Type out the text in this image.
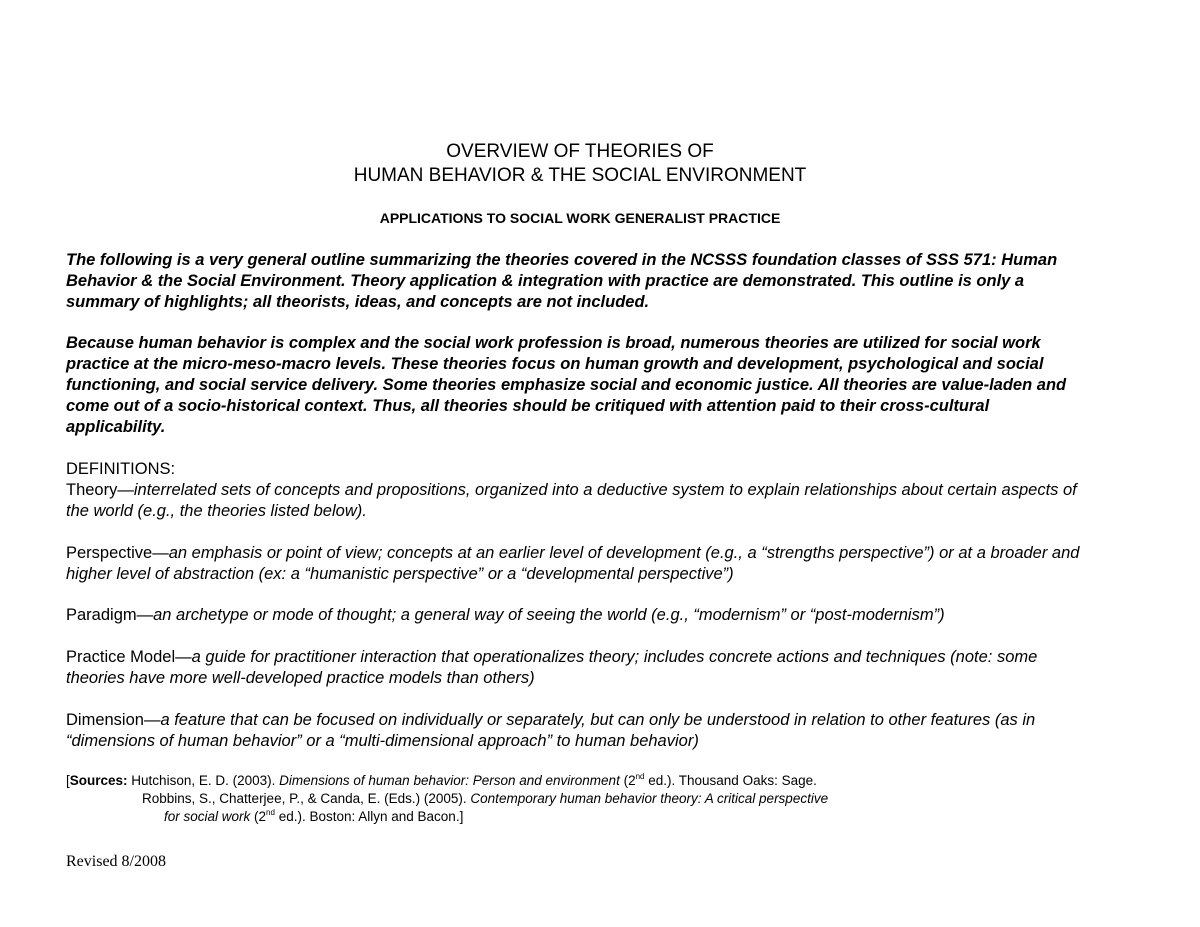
OVERVIEW OF THEORIES OF
HUMAN BEHAVIOR & THE SOCIAL ENVIRONMENT
APPLICATIONS TO SOCIAL WORK GENERALIST PRACTICE

The following is a very general outline summarizing the theories covered in the NCSSS foundation classes of SSS 571: Human Behavior & the Social Environment. Theory application & integration with practice are demonstrated. This outline is only a summary of highlights; all theorists, ideas, and concepts are not included.

Because human behavior is complex and the social work profession is broad, numerous theories are utilized for social work practice at the micro-meso-macro levels. These theories focus on human growth and development, psychological and social functioning, and social service delivery. Some theories emphasize social and economic justice. All theories are value-laden and come out of a socio-historical context. Thus, all theories should be critiqued with attention paid to their cross-cultural applicability.

DEFINITIONS:

Theory—interrelated sets of concepts and propositions, organized into a deductive system to explain relationships about certain aspects of the world (e.g., the theories listed below).

Perspective—an emphasis or point of view; concepts at an earlier level of development (e.g., a “strengths perspective”) or at a broader and higher level of abstraction (ex: a “humanistic perspective” or a “developmental perspective”)

Paradigm—an archetype or mode of thought; a general way of seeing the world (e.g., “modernism” or “post-modernism”)

Practice Model—a guide for practitioner interaction that operationalizes theory; includes concrete actions and techniques (note: some theories have more well-developed practice models than others)

Dimension—a feature that can be focused on individually or separately, but can only be understood in relation to other features (as in “dimensions of human behavior” or a “multi-dimensional approach” to human behavior)

[Sources: Hutchison, E. D. (2003). Dimensions of human behavior: Person and environment (2nd ed.). Thousand Oaks: Sage.
Robbins, S., Chatterjee, P., & Canda, E. (Eds.) (2005). Contemporary human behavior theory: A critical perspective
for social work (2nd ed.). Boston: Allyn and Bacon.]
Revised 8/2008
